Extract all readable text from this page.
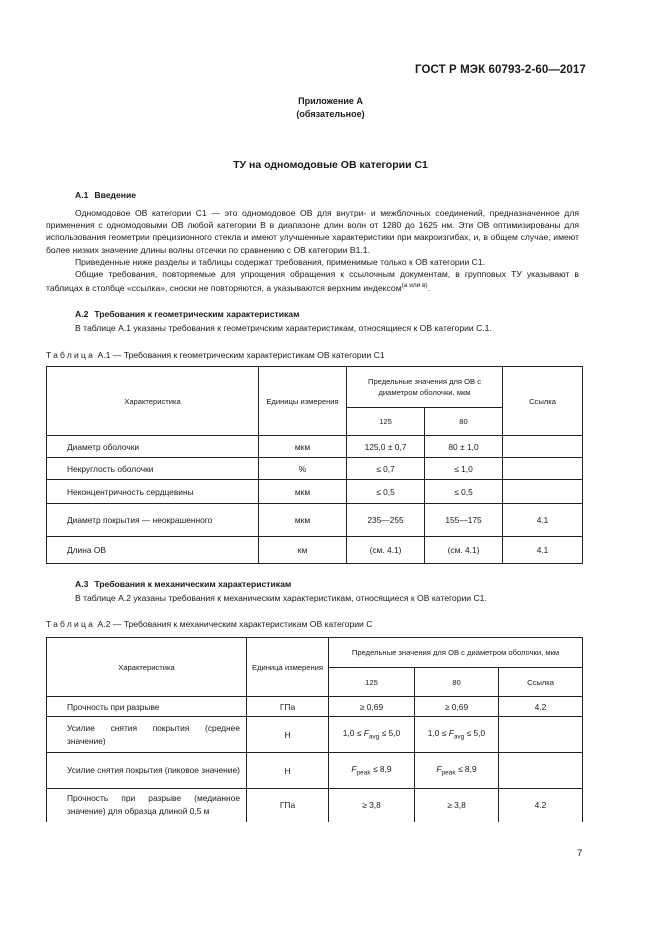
ГОСТ Р МЭК 60793-2-60—2017
Приложение А
(обязательное)
ТУ на одномодовые ОВ категории С1
А.1 Введение

Одномодовое ОВ категории С1 — это одномодовое ОВ для внутри- и межблочных соединений, предназначенное для применения с одномодовыми ОВ любой категории В в диапазоне длин волн от 1280 до 1625 нм. Эти ОВ оптимизированы для использования геометрии прецизионного стекла и имеют улучшенные характеристики при макроизгибах, и, в общем случае, имеют более низких значение длины волны отсечки по сравнению с ОВ категории В1.1.

Приведенные ниже разделы и таблицы содержат требования, применимые только к ОВ категории С1.

Общие требования, повторяемые для упрощения обращения к ссылочным документам, в групповых ТУ указывают в таблицах в столбце «ссылка», сноски не повторяются, а указываются верхним индексом$^{(а или в)}$.

А.2 Требования к геометрическим характеристикам

В таблице А.1 указаны требования к геометричским характеристикам, относящиеся к ОВ категории С.1.

Таблица А.1 — Требования к геометрическим характеристикам ОВ категории С1
Характеристика	Единицы измерения	Предельные значения для ОВ с диаметром оболочки, мкм		Ссылка
		125	80	
Диаметр оболочки	мкм	125,0 ± 0,7	80 ± 1,0	
Некруглость оболочки	%	≤ 0,7	≤ 1,0	
Неконцентричность сердцевины	мкм	≤ 0,5	≤ 0,5	
Диаметр покрытия — неокрашенного	мкм	235—255	155—175	4.1
Длина ОВ	км	(см. 4.1)	(см. 4.1)	4.1
А.3 Требования к механическим характеристикам

В таблице А.2 указаны требования к механическим характеристикам, относящиеся к ОВ категории С1.

Таблица А.2 — Требования к механическим характеристикам ОВ категории С
Характеристика	Единица измерения	Предельные значения для ОВ с диаметром оболочки, мкм		
		125	80	Ссылка
Прочность при разрыве	ГПа	≥ 0,69	≥ 0,69	4.2
Усилие снятия покрытия (среднее значение)	Н	$1,0 \le F_{avg} \le 5,0$	$1,0 \le F_{avg} \le 5,0$	
Усилие снятия покрытия (пиковое значение)	Н	$F_{peak} \le 8,9$	$F_{peak} \le 8,9$	
Прочность при разрыве (медианное значение) для образца длиной 0,5 м	ГПа	≥ 3,8	≥ 3,8	4.2
7
